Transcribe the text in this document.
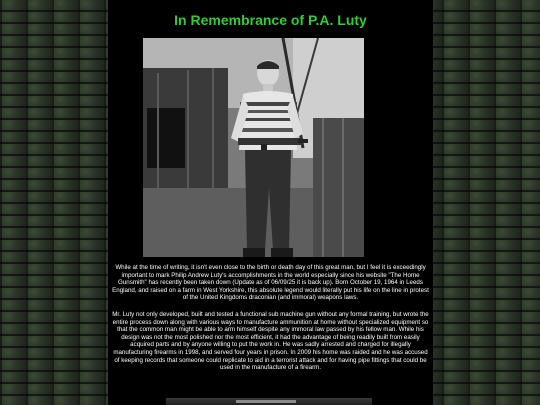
In Remembrance of P.A. Luty

While at the time of writing, it isn't even close to the birth or death day of this great man, but I feel it is exceedingly important to mark Philip Andrew Luty's accomplishments in the world especially since his website "The Home Gunsmith" has recently been taken down (Update as of 06/09/25 it is back up). Born October 19, 1964 in Leeds England, and raised on a farm in West Yorkshire, this absolute legend would literally put his life on the line in protest of the United Kingdoms draconian (and immoral) weapons laws.

Mr. Luty not only developed, built and tested a functional sub machine gun without any formal training, but wrote the entire process down along with various ways to manufacture ammunition at home without specialized equipment so that the common man might be able to arm himself despite any immoral law passed by his fellow man. While his design was not the most polished nor the most efficient, it had the advantage of being readily built from easily acquired parts and by anyone willing to put the work in. He was sadly arrested and charged for illegally manufacturing firearms in 1998, and served four years in prison. In 2009 his home was raided and he was accused of keeping records that someone could replicate to aid in a terrorist attack and for having pipe fittings that could be used in the manufacture of a firearm.
